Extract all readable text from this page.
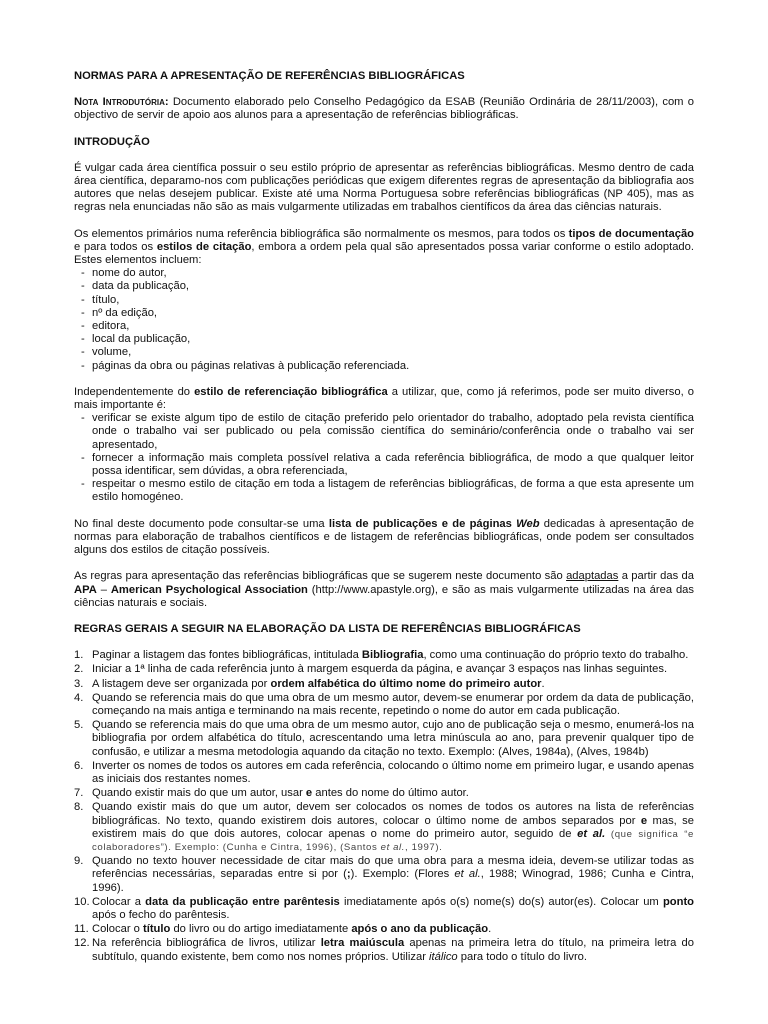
NORMAS PARA A APRESENTAÇÃO DE REFERÊNCIAS BIBLIOGRÁFICAS
Nota Introdutória: Documento elaborado pelo Conselho Pedagógico da ESAB (Reunião Ordinária de 28/11/2003), com o objectivo de servir de apoio aos alunos para a apresentação de referências bibliográficas.
INTRODUÇÃO
É vulgar cada área científica possuir o seu estilo próprio de apresentar as referências bibliográficas. Mesmo dentro de cada área científica, deparamo-nos com publicações periódicas que exigem diferentes regras de apresentação da bibliografia aos autores que nelas desejem publicar. Existe até uma Norma Portuguesa sobre referências bibliográficas (NP 405), mas as regras nela enunciadas não são as mais vulgarmente utilizadas em trabalhos científicos da área das ciências naturais.
Os elementos primários numa referência bibliográfica são normalmente os mesmos, para todos os tipos de documentação e para todos os estilos de citação, embora a ordem pela qual são apresentados possa variar conforme o estilo adoptado. Estes elementos incluem:
- nome do autor,
- data da publicação,
- título,
- nº da edição,
- editora,
- local da publicação,
- volume,
- páginas da obra ou páginas relativas à publicação referenciada.
Independentemente do estilo de referenciação bibliográfica a utilizar, que, como já referimos, pode ser muito diverso, o mais importante é:
- verificar se existe algum tipo de estilo de citação preferido pelo orientador do trabalho, adoptado pela revista científica onde o trabalho vai ser publicado ou pela comissão científica do seminário/conferência onde o trabalho vai ser apresentado,
- fornecer a informação mais completa possível relativa a cada referência bibliográfica, de modo a que qualquer leitor possa identificar, sem dúvidas, a obra referenciada,
- respeitar o mesmo estilo de citação em toda a listagem de referências bibliográficas, de forma a que esta apresente um estilo homogéneo.
No final deste documento pode consultar-se uma lista de publicações e de páginas Web dedicadas à apresentação de normas para elaboração de trabalhos científicos e de listagem de referências bibliográficas, onde podem ser consultados alguns dos estilos de citação possíveis.
As regras para apresentação das referências bibliográficas que se sugerem neste documento são adaptadas a partir das da APA – American Psychological Association (http://www.apastyle.org), e são as mais vulgarmente utilizadas na área das ciências naturais e sociais.
REGRAS GERAIS A SEGUIR NA ELABORAÇÃO DA LISTA DE REFERÊNCIAS BIBLIOGRÁFICAS
1. Paginar a listagem das fontes bibliográficas, intitulada Bibliografia, como uma continuação do próprio texto do trabalho.
2. Iniciar a 1ª linha de cada referência junto à margem esquerda da página, e avançar 3 espaços nas linhas seguintes.
3. A listagem deve ser organizada por ordem alfabética do último nome do primeiro autor.
4. Quando se referencia mais do que uma obra de um mesmo autor, devem-se enumerar por ordem da data de publicação, começando na mais antiga e terminando na mais recente, repetindo o nome do autor em cada publicação.
5. Quando se referencia mais do que uma obra de um mesmo autor, cujo ano de publicação seja o mesmo, enumerá-los na bibliografia por ordem alfabética do título, acrescentando uma letra minúscula ao ano, para prevenir qualquer tipo de confusão, e utilizar a mesma metodologia aquando da citação no texto. Exemplo: (Alves, 1984a), (Alves, 1984b)
6. Inverter os nomes de todos os autores em cada referência, colocando o último nome em primeiro lugar, e usando apenas as iniciais dos restantes nomes.
7. Quando existir mais do que um autor, usar e antes do nome do último autor.
8. Quando existir mais do que um autor, devem ser colocados os nomes de todos os autores na lista de referências bibliográficas. No texto, quando existirem dois autores, colocar o último nome de ambos separados por e mas, se existirem mais do que dois autores, colocar apenas o nome do primeiro autor, seguido de et al. (que significa “e colaboradores”). Exemplo: (Cunha e Cintra, 1996), (Santos et al., 1997).
9. Quando no texto houver necessidade de citar mais do que uma obra para a mesma ideia, devem-se utilizar todas as referências necessárias, separadas entre si por (;). Exemplo: (Flores et al., 1988; Winograd, 1986; Cunha e Cintra, 1996).
10. Colocar a data da publicação entre parêntesis imediatamente após o(s) nome(s) do(s) autor(es). Colocar um ponto após o fecho do parêntesis.
11. Colocar o título do livro ou do artigo imediatamente após o ano da publicação.
12. Na referência bibliográfica de livros, utilizar letra maiúscula apenas na primeira letra do título, na primeira letra do subtítulo, quando existente, bem como nos nomes próprios. Utilizar itálico para todo o título do livro.
